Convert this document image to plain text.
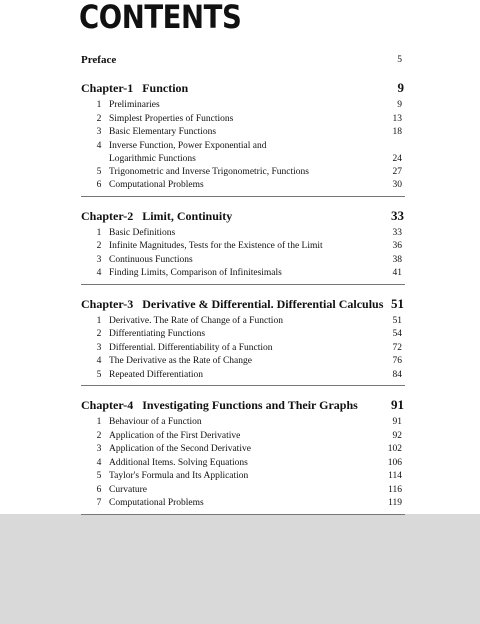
CONTENTS
Preface	5
Chapter-1   Function	9
1 Preliminaries	9
2 Simplest Properties of Functions	13
3 Basic Elementary Functions	18
4 Inverse Function, Power Exponential and
Logarithmic Functions	24
5 Trigonometric and Inverse Trigonometric, Functions	27
6 Computational Problems	30
Chapter-2   Limit, Continuity	33
1 Basic Definitions	33
2 Infinite Magnitudes, Tests for the Existence of the Limit	36
3 Continuous Functions	38
4 Finding Limits, Comparison of Infinitesimals	41
Chapter-3   Derivative & Differential. Differential Calculus 51
1 Derivative. The Rate of Change of a Function	51
2 Differentiating Functions	54
3 Differential. Differentiability of a Function	72
4 The Derivative as the Rate of Change	76
5 Repeated Differentiation	84
Chapter-4   Investigating Functions and Their Graphs	91
1 Behaviour of a Function	91
2 Application of the First Derivative	92
3 Application of the Second Derivative	102
4 Additional Items. Solving Equations	106
5 Taylor's Formula and Its Application	114
6 Curvature	116
7 Computational Problems	119
